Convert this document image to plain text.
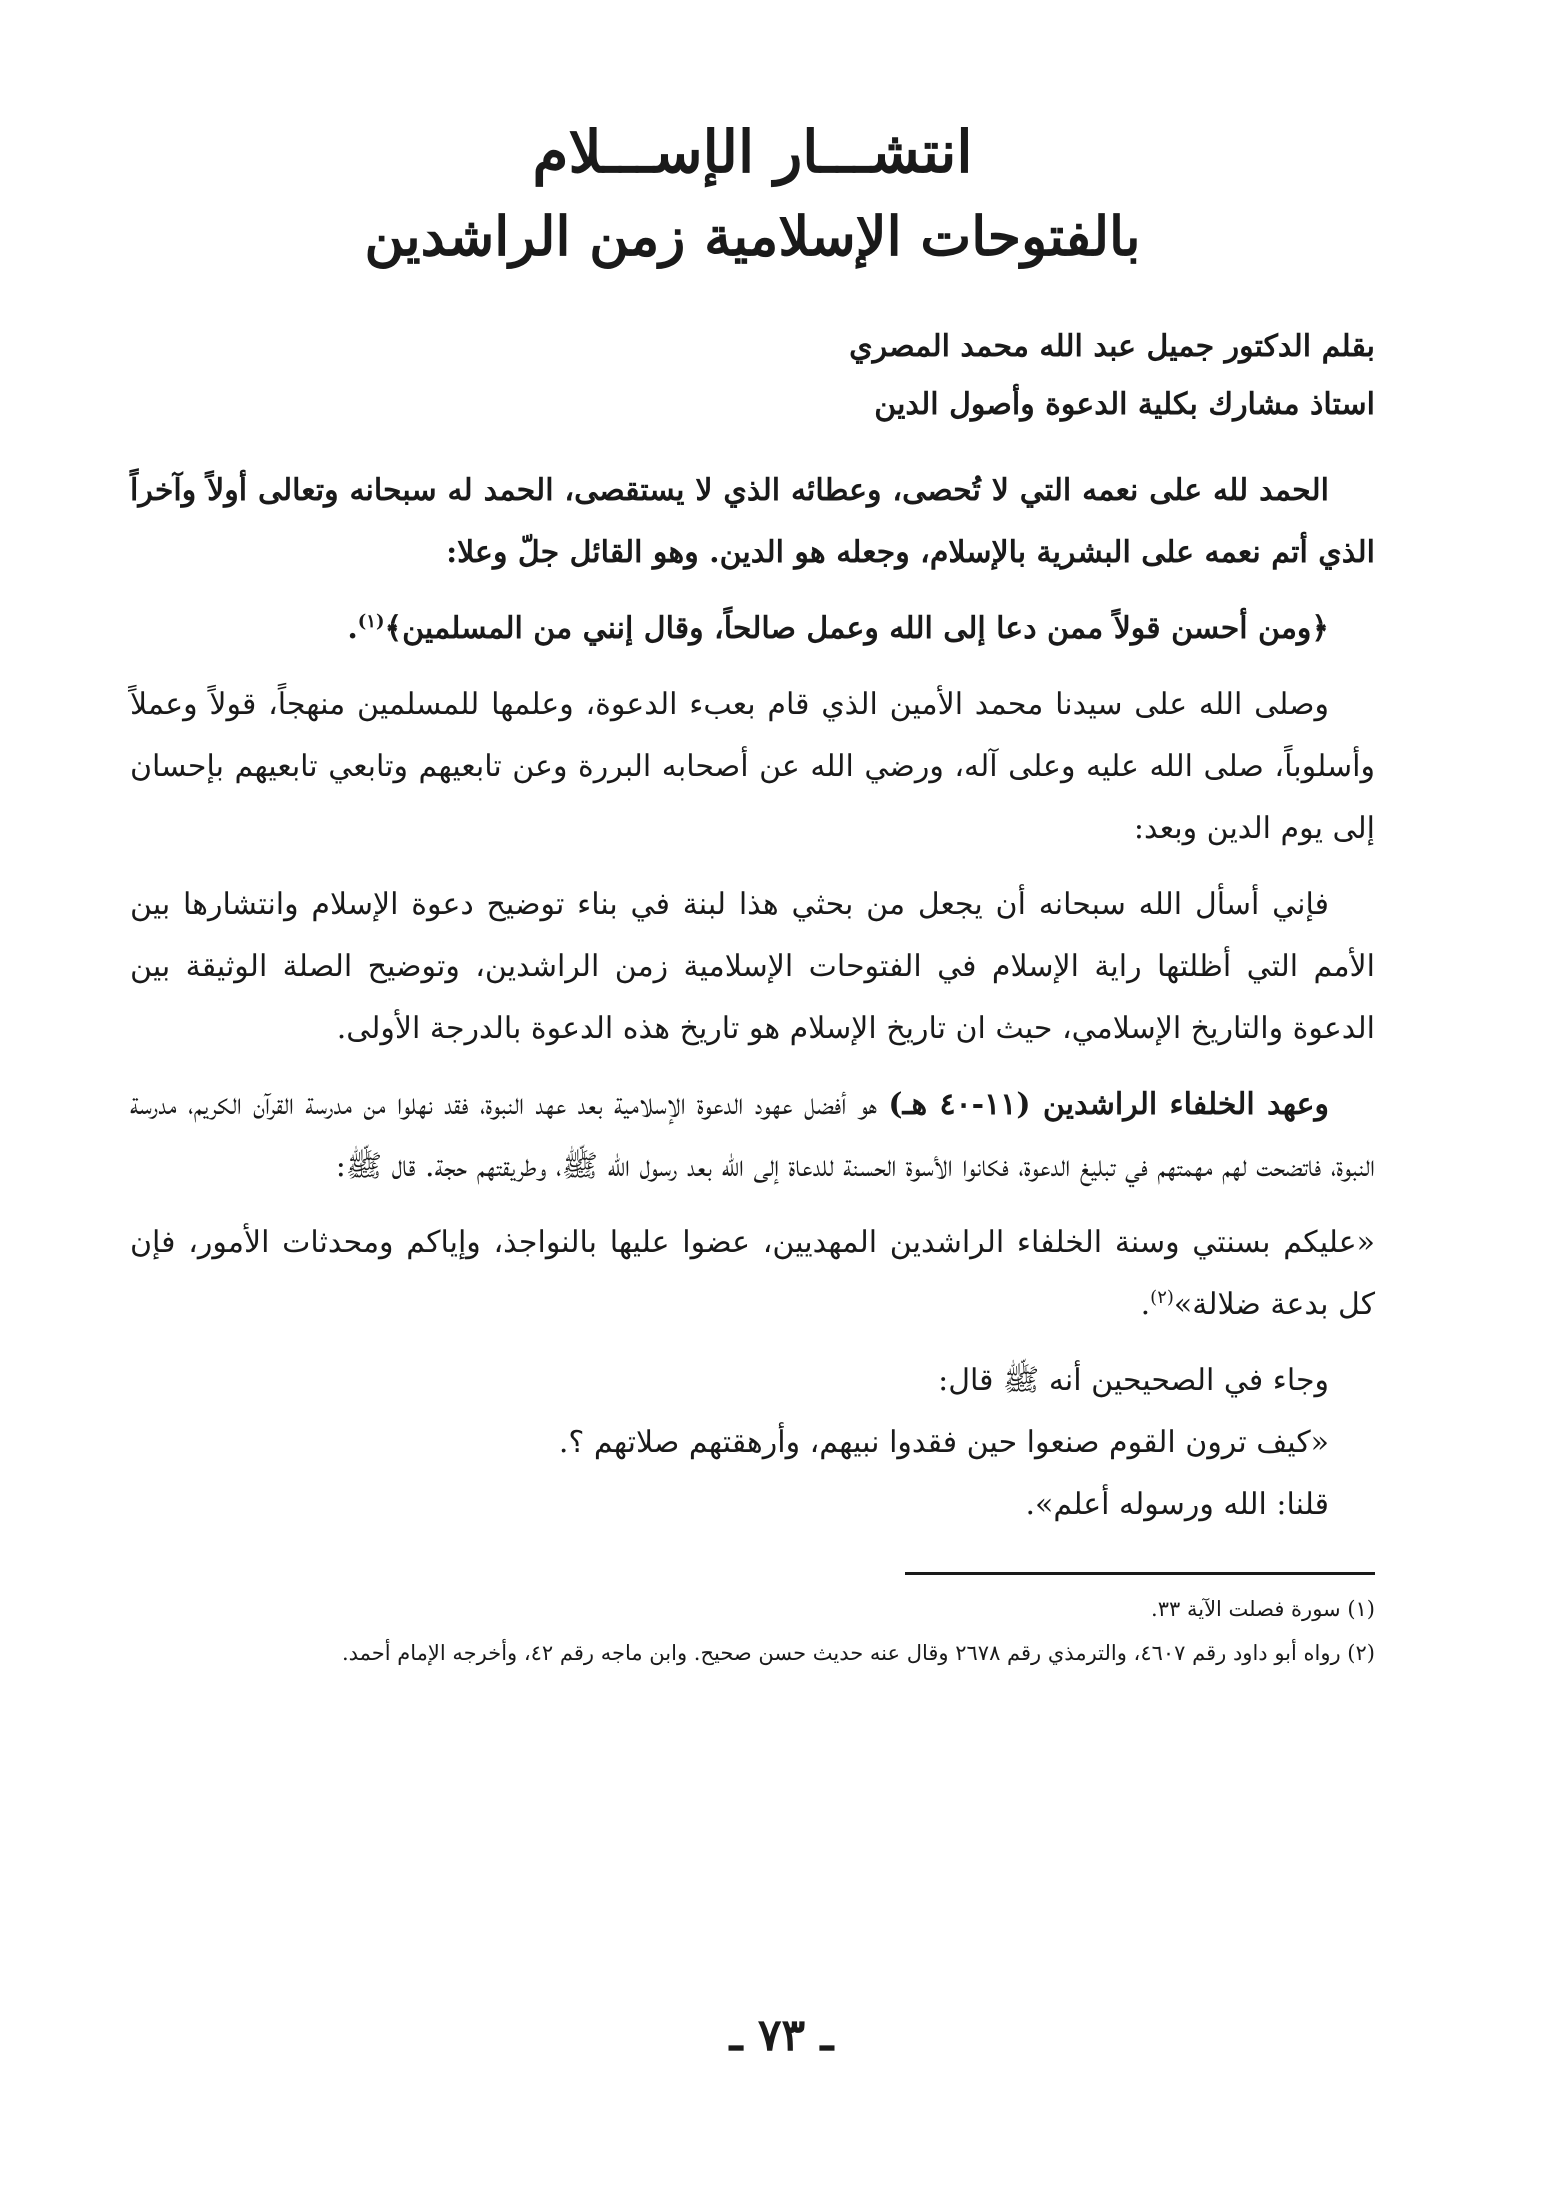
انتشـــار الإســـلام
بالفتوحات الإسلامية زمن الراشدين
بقلم الدكتور جميل عبد الله محمد المصري
استاذ مشارك بكلية الدعوة وأصول الدين

الحمد لله على نعمه التي لا تُحصى، وعطائه الذي لا يستقصى، الحمد له سبحانه وتعالى أولاً وآخراً الذي أتم نعمه على البشرية بالإسلام، وجعله هو الدين. وهو القائل جلّ وعلا:

﴿ومن أحسن قولاً ممن دعا إلى الله وعمل صالحاً، وقال إنني من المسلمين﴾$^{(١)}$.

وصلى الله على سيدنا محمد الأمين الذي قام بعبء الدعوة، وعلمها للمسلمين منهجاً، قولاً وعملاً وأسلوباً، صلى الله عليه وعلى آله، ورضي الله عن أصحابه البررة وعن تابعيهم وتابعي تابعيهم بإحسان إلى يوم الدين وبعد:

فإني أسأل الله سبحانه أن يجعل من بحثي هذا لبنة في بناء توضيح دعوة الإسلام وانتشارها بين الأمم التي أظلتها راية الإسلام في الفتوحات الإسلامية زمن الراشدين، وتوضيح الصلة الوثيقة بين الدعوة والتاريخ الإسلامي، حيث ان تاريخ الإسلام هو تاريخ هذه الدعوة بالدرجة الأولى.

وعهد الخلفاء الراشدين (١١-٤٠ هـ) هو أفضل عهود الدعوة الإسلامية بعد عهد النبوة، فقد نهلوا من مدرسة القرآن الكريم، مدرسة النبوة، فاتضحت لهم مهمتهم في تبليغ الدعوة، فكانوا الأسوة الحسنة للدعاة إلى الله بعد رسول الله ﷺ، وطريقتهم حجة. قال ﷺ:

«عليكم بسنتي وسنة الخلفاء الراشدين المهديين، عضوا عليها بالنواجذ، وإياكم ومحدثات الأمور، فإن كل بدعة ضلالة»$^{(٢)}$.

وجاء في الصحيحين أنه ﷺ قال:

«كيف ترون القوم صنعوا حين فقدوا نبيهم، وأرهقتهم صلاتهم ؟.

قلنا: الله ورسوله أعلم».

(١) سورة فصلت الآية ٣٣.
(٢) رواه أبو داود رقم ٤٦٠٧، والترمذي رقم ٢٦٧٨ وقال عنه حديث حسن صحيح. وابن ماجه رقم ٤٢، وأخرجه الإمام أحمد.
ـ ٧٣ ـ
